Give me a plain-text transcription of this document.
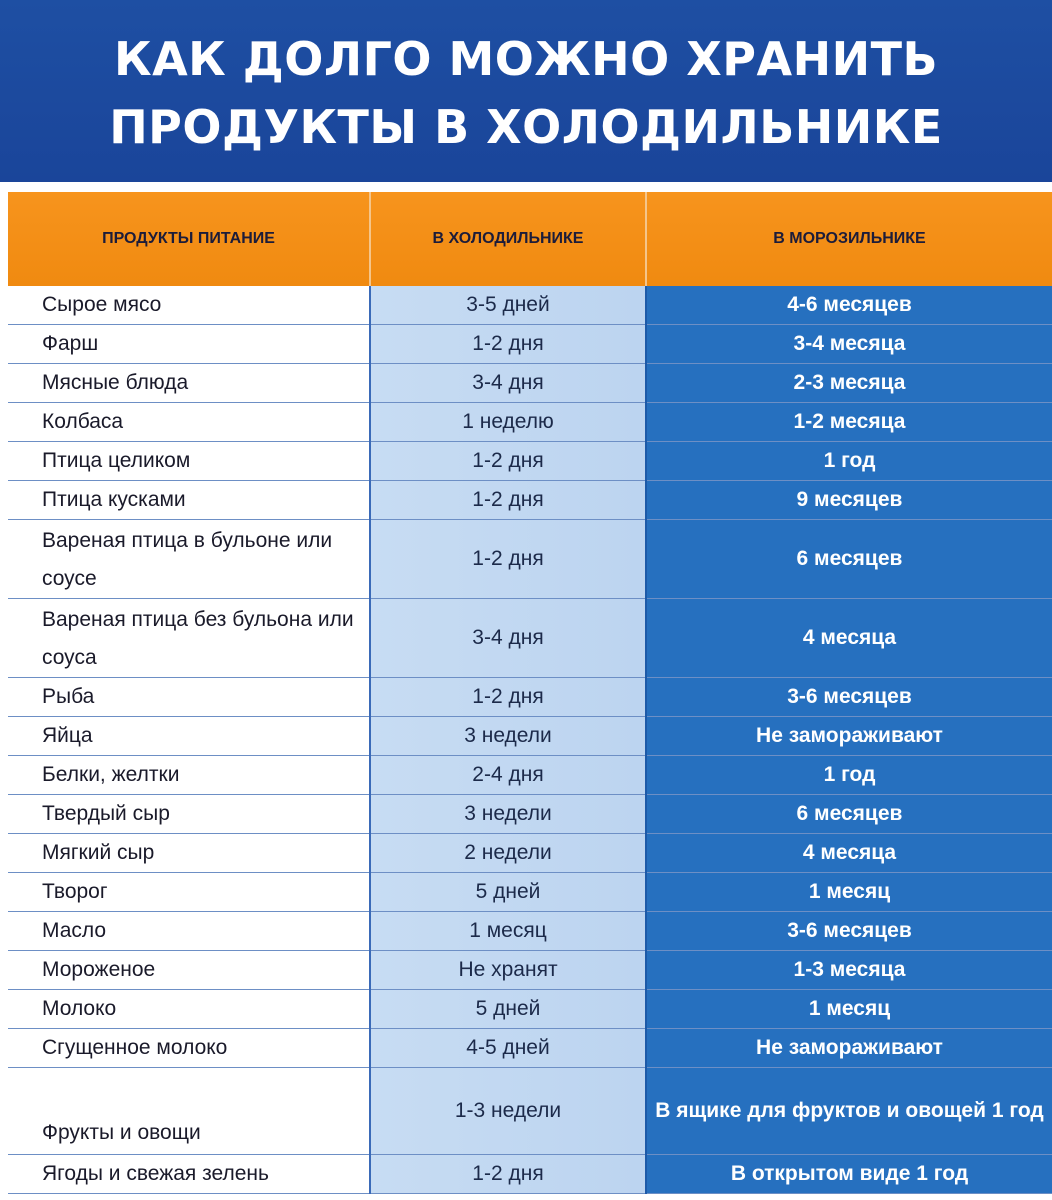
КАК ДОЛГО МОЖНО ХРАНИТЬ
ПРОДУКТЫ В ХОЛОДИЛЬНИКЕ
ПРОДУКТЫ ПИТАНИЕ	В ХОЛОДИЛЬНИКЕ	В МОРОЗИЛЬНИКЕ
Сырое мясо	3-5 дней	4-6 месяцев
Фарш	1-2 дня	3-4 месяца
Мясные блюда	3-4 дня	2-3 месяца
Колбаса	1 неделю	1-2 месяца
Птица целиком	1-2 дня	1 год
Птица кусками	1-2 дня	9 месяцев

Вареная птица в бульоне или соусе	1-2 дня	6 месяцев

Вареная птица без бульона или соуса	3-4 дня	4 месяца
Рыба	1-2 дня	3-6 месяцев
Яйца	3 недели	Не замораживают
Белки, желтки	2-4 дня	1 год
Твердый сыр	3 недели	6 месяцев
Мягкий сыр	2 недели	4 месяца
Творог	5 дней	1 месяц
Масло	1 месяц	3-6 месяцев
Мороженое	Не хранят	1-3 месяца
Молоко	5 дней	1 месяц
Сгущенное молоко	4-5 дней	Не замораживают

Фрукты и овощи	1-3 недели	В ящике для фруктов и овощей 1 год

Ягоды и свежая зелень	1-2 дня	В открытом виде 1 год
